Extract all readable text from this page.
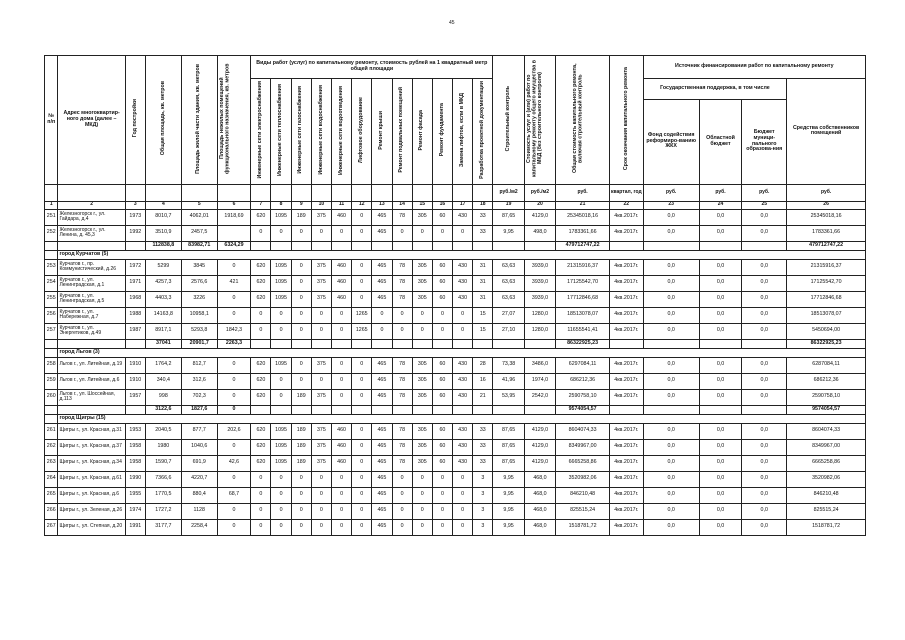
45
№ п/п	Адрес многоквартир-ного дома (далее – МКД)	Год постройки	Общая площадь, кв. метров	Площадь жилой части здания, кв. метров	Площадь нежилых помещений функционального назначения, кв. метров	Виды работ (услуг) по капитальному ремонту, стоимость рублей на 1 квадратный метр общей площади												Строительный контроль	Стоимость услуг и (или) работ по капитальному ремонту общего имущества в МКД (без строительного контроля)	Общая стоимость капитального ремонта, включая строительный контроль	Срок окончания капитального ремонта	Источник финансирования работ по капитальному ремонту			
						Инженерные сети электроснабжения	Инженерные сети теплоснабжения	Инженерные сети газоснабжения	Инженерные сети водоснабжения	Инженерные сети водоотведения	Лифтовое оборудование	Ремонт крыши	Ремонт подвальных помещений	Ремонт фасада	Ремонт фундамента	Замена лифтов, если в МКД	Разработка проектной документации					Государственная поддержка, в том числе			Средства собственников помещений
																						Фонд содействия реформиро-ванию ЖКХ	Областной бюджет	Бюджет муници-пального образова-ния	
																		руб./м2	руб./м2	руб.	квартал, год	руб.	руб.	руб.	руб.
1	2	3	4	5	6	7	8	9	10	11	12	13	14	15	16	17	18	19	20	21	22	23	24	25	26
251	Железногорск г., ул. Гайдара, д.4	1973	8010,7	4062,01	1918,69	620	1095	189	375	460	0	465	78	305	60	430	33	87,65	4129,0	25345018,16	4кв.2017г.	0,0	0,0	0,0	25345018,16
252	Железногорск г., ул. Ленина, д. 45,3	1992	3510,9	2457,5		0	0	0	0	0	0	465	0	0	0	0	33	9,95	498,0	1783361,66	4кв.2017г.	0,0	0,0	0,0	1783361,66
			112838,8	83982,71	6324,29															479712747,22					479712747,22
	город Курчатов (5)																								
253	Курчатов г., пр. Коммунистический, д.26	1972	5299	3845	0	620	1095	0	375	460	0	465	78	305	60	430	31	63,63	3939,0	21315916,37	4кв.2017г.	0,0	0,0	0,0	21315916,37
254	Курчатов г., ул. Ленинградская, д.1	1971	4257,3	2576,6	421	620	1095	0	375	460	0	465	78	305	60	430	31	63,63	3939,0	17125542,70	4кв.2017г.	0,0	0,0	0,0	17125542,70
255	Курчатов г., ул. Ленинградская, д.5	1968	4403,3	3226	0	620	1095	0	375	460	0	465	78	305	60	430	31	63,63	3939,0	17712846,68	4кв.2017г.	0,0	0,0	0,0	17712846,68
256	Курчатов г., ул. Набережная, д.7	1988	14163,8	10958,1	0	0	0	0	0	0	1265	0	0	0	0	0	15	27,07	1280,0	18513078,07	4кв.2017г.	0,0	0,0	0,0	18513078,07
257	Курчатов г., ул. Энергетиков, д.49	1987	8917,1	5293,8	1842,3	0	0	0	0	0	1265	0	0	0	0	0	15	27,10	1280,0	11655541,41	4кв.2017г.	0,0	0,0	0,0	5450694,00
			37041	20901,7	2263,3															86322925,23					86322925,23
	город Льгов (3)																								
258	Льгов г., ул. Литейная, д.19	1910	1764,2	812,7	0	620	1095	0	375	0	0	465	78	305	60	430	28	73,38	3486,0	6297084,11	4кв.2017г.	0,0	0,0	0,0	6287084,11
259	Льгов г., ул. Литейная, д.6	1910	340,4	312,6	0	620	0	0	0	0	0	465	78	305	60	430	16	41,96	1974,0	686212,36	4кв.2017г.	0,0	0,0	0,0	686212,36
260	Льгов г., ул. Шоссейная, д.113	1957	998	702,3	0	620	0	189	375	0	0	465	78	305	60	430	21	53,95	2542,0	2590758,10	4кв.2017г.	0,0	0,0	0,0	2590758,10
			3122,6	1827,6	0															9574054,57					9574054,57
	город Щигры (15)																								
261	Щигры г., ул. Красная, д.31	1953	2040,5	877,7	202,6	620	1095	189	375	460	0	465	78	305	60	430	33	87,65	4129,0	8604074,33	4кв.2017г.	0,0	0,0	0,0	8604074,33
262	Щигры г., ул. Красная, д.37	1958	1980	1040,6	0	620	1095	189	375	460	0	465	78	305	60	430	33	87,65	4129,0	8349967,00	4кв.2017г.	0,0	0,0	0,0	8349967,00
263	Щигры г., ул. Красная, д.34	1958	1590,7	691,9	42,6	620	1095	189	375	460	0	465	78	305	60	430	33	87,65	4129,0	6665258,86	4кв.2017г.	0,0	0,0	0,0	6665258,86
264	Щигры г., ул. Красная, д.61	1990	7366,6	4220,7	0	0	0	0	0	0	0	465	0	0	0	0	3	9,95	468,0	3520982,06	4кв.2017г.	0,0	0,0	0,0	3520982,06
265	Щигры г., ул. Красная, д.6	1955	1770,5	880,4	68,7	0	0	0	0	0	0	465	0	0	0	0	3	9,95	468,0	846210,48	4кв.2017г.	0,0	0,0	0,0	846210,48
266	Щигры г., ул. Зеленая, д.26	1974	1727,2	1128	0	0	0	0	0	0	0	465	0	0	0	0	3	9,95	468,0	825515,24	4кв.2017г.	0,0	0,0	0,0	825515,24
267	Щигры г., ул. Степная, д.20	1991	3177,7	2258,4	0	0	0	0	0	0	0	465	0	0	0	0	3	9,95	468,0	1518781,72	4кв.2017г.	0,0	0,0	0,0	1518781,72
